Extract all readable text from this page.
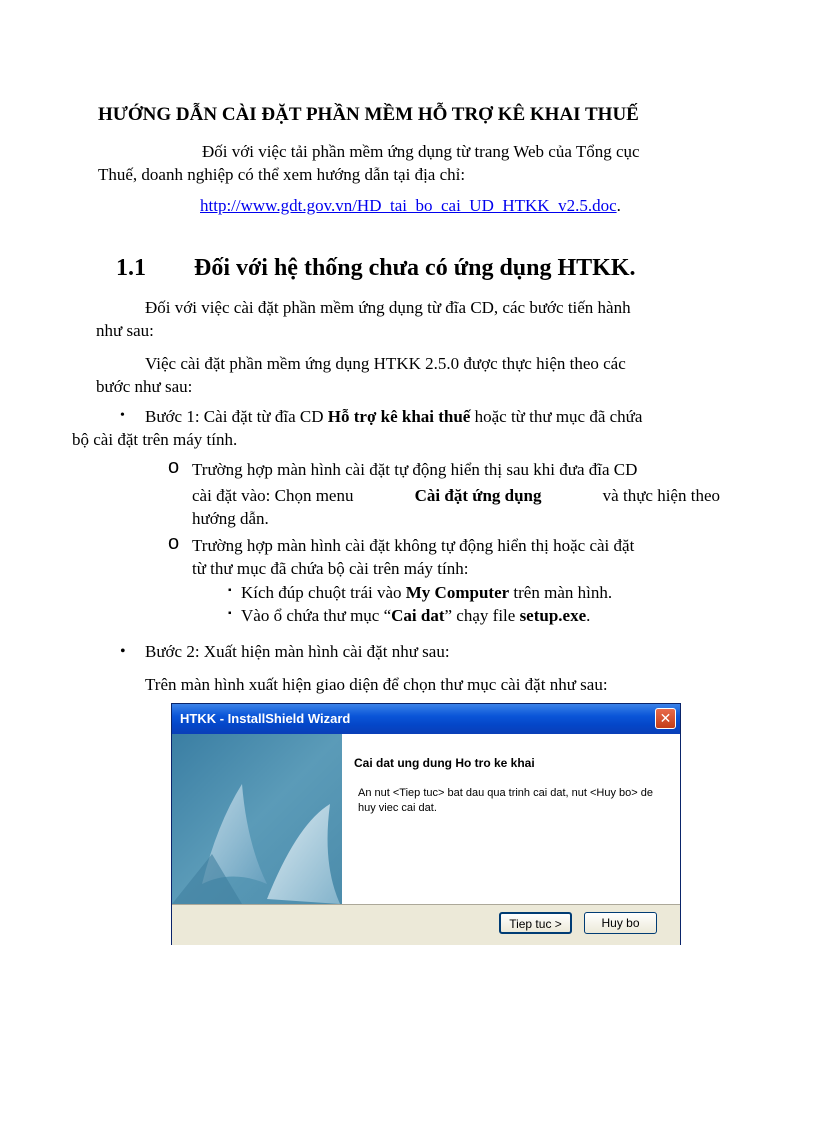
HƯỚNG DẪN CÀI ĐẶT PHẦN MỀM HỖ TRỢ KÊ KHAI THUẾ
Đối với việc tải phần mềm ứng dụng từ trang Web của Tổng cục
Thuế, doanh nghiệp có thể xem hướng dẫn tại địa chỉ:
http://www.gdt.gov.vn/HD_tai_bo_cai_UD_HTKK_v2.5.doc.
1.1 Đối với hệ thống chưa có ứng dụng HTKK.
Đối với việc cài đặt phần mềm ứng dụng từ đĩa CD, các bước tiến hành
như sau:
Việc cài đặt phần mềm ứng dụng HTKK 2.5.0 được thực hiện theo các
bước như sau:
• Bước 1: Cài đặt từ đĩa CD Hỗ trợ kê khai thuế hoặc từ thư mục đã chứa
bộ cài đặt trên máy tính.
o Trường hợp màn hình cài đặt tự động hiển thị sau khi đưa đĩa CD
cài đặt vào: Chọn menu	Cài đặt ứng dụng	và thực hiện theo
hướng dẫn.
o Trường hợp màn hình cài đặt không tự động hiển thị hoặc cài đặt
từ thư mục đã chứa bộ cài trên máy tính:
▪ Kích đúp chuột trái vào My Computer trên màn hình.
▪ Vào ổ chứa thư mục “Cai dat” chạy file setup.exe.
• Bước 2: Xuất hiện màn hình cài đặt như sau:
Trên màn hình xuất hiện giao diện để chọn thư mục cài đặt như sau:
HTKK - InstallShield Wizard	✕
Cai dat ung dung Ho tro ke khai
An nut <Tiep tuc> bat dau qua trinh cai dat, nut <Huy bo> de huy viec cai dat.
Tiep tuc >	Huy bo
